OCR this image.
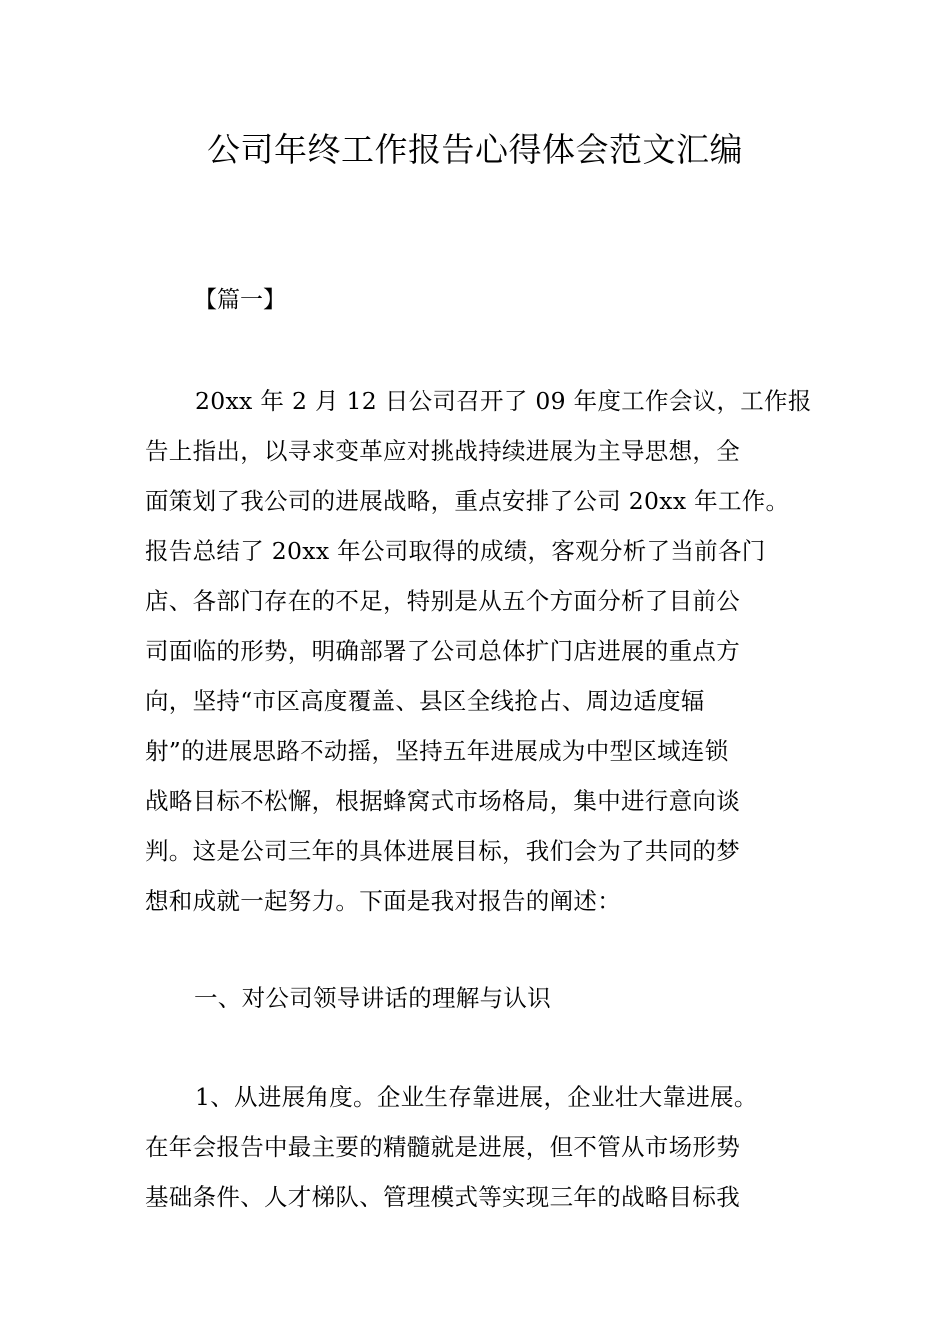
公司年终工作报告心得体会范文汇编
【篇一】
20xx 年 2 月 12 日公司召开了 09 年度工作会议，工作报
告上指出，以寻求变革应对挑战持续进展为主导思想，全
面策划了我公司的进展战略，重点安排了公司 20xx 年工作。
报告总结了 20xx 年公司取得的成绩，客观分析了当前各门
店、各部门存在的不足，特别是从五个方面分析了目前公
司面临的形势，明确部署了公司总体扩门店进展的重点方
向，坚持“市区高度覆盖、县区全线抢占、周边适度辐
射”的进展思路不动摇，坚持五年进展成为中型区域连锁
战略目标不松懈，根据蜂窝式市场格局，集中进行意向谈
判。这是公司三年的具体进展目标，我们会为了共同的梦
想和成就一起努力。下面是我对报告的阐述：
一、对公司领导讲话的理解与认识
1、从进展角度。企业生存靠进展，企业壮大靠进展。
在年会报告中最主要的精髓就是进展，但不管从市场形势
基础条件、人才梯队、管理模式等实现三年的战略目标我
